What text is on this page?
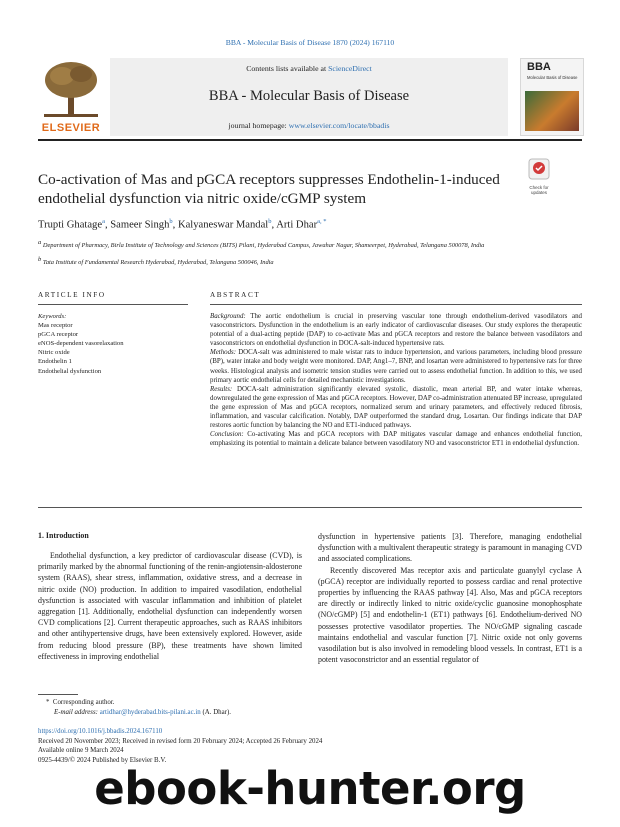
BBA - Molecular Basis of Disease 1870 (2024) 167110
ELSEVIER
Contents lists available at ScienceDirect
BBA - Molecular Basis of Disease
journal homepage: www.elsevier.com/locate/bbadis
BBA
Molecular Basis of Disease
Check for
updates
Co-activation of Mas and pGCA receptors suppresses Endothelin-1-induced endothelial dysfunction via nitric oxide/cGMP system
Trupti Ghatage$^a$, Sameer Singh$^b$, Kalyaneswar Mandal$^b$, Arti Dhar$^{a, *}$
a Department of Pharmacy, Birla Institute of Technology and Sciences (BITS) Pilani, Hyderabad Campus, Jawahar Nagar, Shameerpet, Hyderabad, Telangana 500078, India
b Tata Institute of Fundamental Research Hyderabad, Hyderabad, Telangana 500046, India
ARTICLE INFO	ABSTRACT
Keywords:
Mas receptor
pGCA receptor
eNOS-dependent vasorelaxation
Nitric oxide
Endothelin 1
Endothelial dysfunction

Background: The aortic endothelium is crucial in preserving vascular tone through endothelium-derived vasodilators and vasoconstrictors. Dysfunction in the endothelium is an early indicator of cardiovascular diseases. Our study explores the therapeutic potential of a dual-acting peptide (DAP) to co-activate Mas and pGCA receptors and restore the balance between vasodilators and vasoconstrictors on endothelial dysfunction in DOCA-salt-induced hypertensive rats.

Methods: DOCA-salt was administered to male wistar rats to induce hypertension, and various parameters, including blood pressure (BP), water intake and body weight were monitored. DAP, Ang1–7, BNP, and losartan were administered to hypertensive rats for three weeks. Histological analysis and isometric tension studies were carried out to assess endothelial function. In addition to this, we used primary aortic endothelial cells for detailed mechanistic investigations.

Results: DOCA-salt administration significantly elevated systolic, diastolic, mean arterial BP, and water intake whereas, downregulated the gene expression of Mas and pGCA receptors. However, DAP co-administration attenuated BP increase, upregulated the gene expression of Mas and pGCA receptors, normalized serum and urinary parameters, and effectively reduced fibrosis, inflammation, and vascular calcification. Notably, DAP outperformed the standard drug, Losartan. Our findings indicate that DAP restores aortic function by balancing the NO and ET1-induced pathways.

Conclusion: Co-activating Mas and pGCA receptors with DAP mitigates vascular damage and enhances endothelial function, emphasizing its potential to maintain a delicate balance between vasodilatory NO and vasoconstrictor ET1 in endothelial dysfunction.

1. Introduction

Endothelial dysfunction, a key predictor of cardiovascular disease (CVD), is primarily marked by the abnormal functioning of the renin-angiotensin-aldosterone system (RAAS), shear stress, inflammation, oxidative stress, and a decrease in nitric oxide (NO) production. In addition to impaired vasodilation, endothelial dysfunction is associated with vascular inflammation and inhibition of platelet aggregation [1]. Additionally, endothelial dysfunction can independently worsen CVD complications [2]. Current therapeutic approaches, such as RAAS inhibitors and other antihypertensive drugs, have been extensively explored. However, aside from reducing blood pressure (BP), these treatments have shown limited effectiveness in improving endothelial

dysfunction in hypertensive patients [3]. Therefore, managing endothelial dysfunction with a multivalent therapeutic strategy is paramount in managing CVD and associated complications.

Recently discovered Mas receptor axis and particulate guanylyl cyclase A (pGCA) receptor are individually reported to possess cardiac and renal protective properties by influencing the RAAS pathway [4]. Also, Mas and pGCA receptors are directly or indirectly linked to nitric oxide/cyclic guanosine monophosphate (NO/cGMP) [5] and endothelin-1 (ET1) pathways [6]. Endothelium-derived NO possesses protective vasodilator properties. The NO/cGMP signaling cascade maintains endothelial and vascular function [7]. Nitric oxide not only governs vasodilation but is also involved in remodeling blood vessels. In contrast, ET1 is a potent vasoconstrictor and an essential regulator of

*  Corresponding author.
E-mail address: artidhar@hyderabad.bits-pilani.ac.in (A. Dhar).
https://doi.org/10.1016/j.bbadis.2024.167110
Received 20 November 2023; Received in revised form 20 February 2024; Accepted 26 February 2024
Available online 9 March 2024
0925-4439/© 2024 Published by Elsevier B.V.
ebook-hunter.org
